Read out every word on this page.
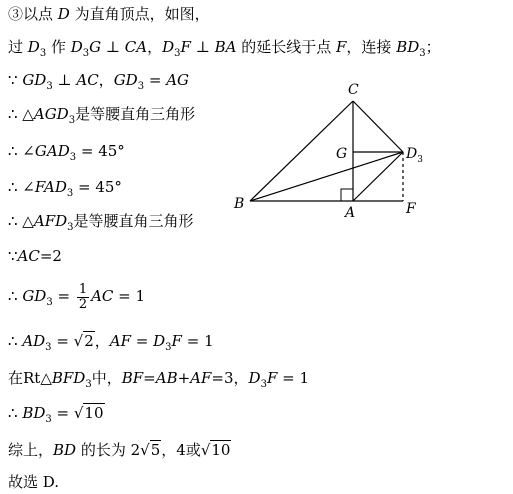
③以点 D 为直角顶点，如图，
过 $D_3$ 作 $D_3G$ ⊥ CA，$D_3F$ ⊥ BA 的延长线于点 F，连接 $BD_3$；
∵ $GD_3$ ⊥ AC，$GD_3$ = AG
∴ $\triangle AGD_3$是等腰直角三角形
∴ $\angle GAD_3 = 45^\circ$
∴ $\angle FAD_3 = 45^\circ$
∴ $\triangle AFD_3$是等腰直角三角形
∵AC=2
∴ $GD_3 = \frac{1}{2}$ AC = 1
∴ $AD_3 = √2$，AF = $D_3F = 1$
在$Rt\triangle BFD_3$中，BF=AB+AF=3，$D_3F = 1$
∴ $BD_3 = √10$
综上，BD 的长为 2√5，4或√10
故选 D.
C
G	$D_3$
B
A	F
